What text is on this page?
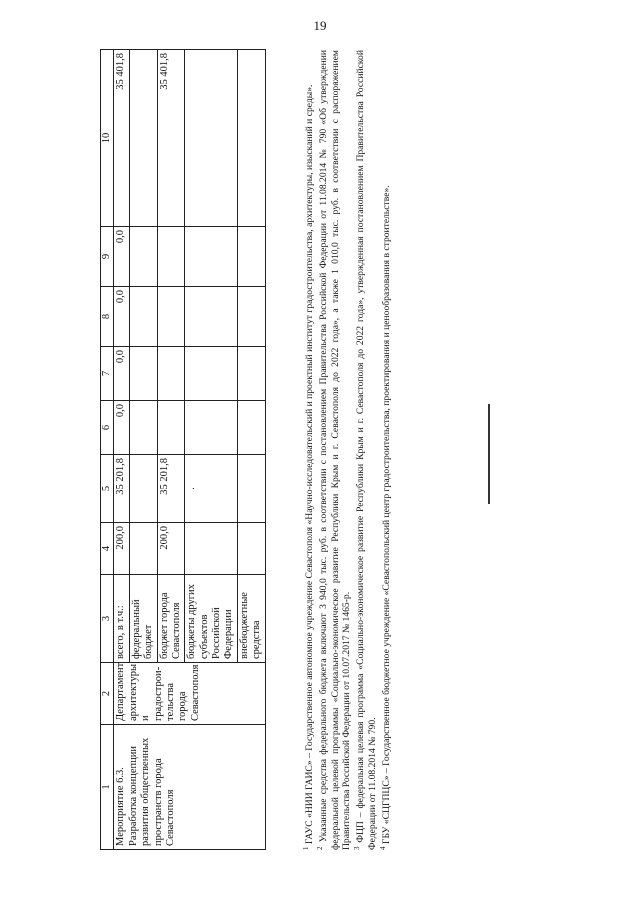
19
1	2	3	4	5	6	7	8	9	10
Мероприятие 6.3. Разработка концепции развития общественных пространств города Севастополя	Департамент архитектуры и градострои-тельства города Севастополя	всего, в т.ч.:	200,0	35 201,8	0,0	0,0	0,0	0,0	35 401,8
		федеральный бюджет							
		бюджет города Севастополя	200,0	35 201,8					35 401,8
		бюджеты других субъектов Российской Федерации		.					
		внебюджетные средства							

$^1$ ГАУС «НИИ ГАИС» – Государственное автономное учреждение Севастополя «Научно-исследовательский и проектный институт градостроительства, архитектуры, изысканий и среды».

$^2$ Указанные средства федерального бюджета включают 3 940,0 тыс. руб. в соответствии с постановлением Правительства Российской Федерации от 11.08.2014 № 790 «Об утверждении федеральной целевой программы «Социально-экономическое развитие Республики Крым и г. Севастополя до 2022 года», а также 1 010,0 тыс. руб. в соответствии с распоряжением Правительства Российской Федерации от 10.07.2017 № 1465-р. $^3$ ФЦП – федеральная целевая программа «Социально-экономическое развитие Республики Крым и г. Севастополя до 2022 года», утвержденная постановлением Правительства Российской Федерации от 11.08.2014 № 790. $^4$ ГБУ «СЦГПЦС» – Государственное бюджетное учреждение «Севастопольский центр градостроительства, проектирования и ценообразования в строительстве».
